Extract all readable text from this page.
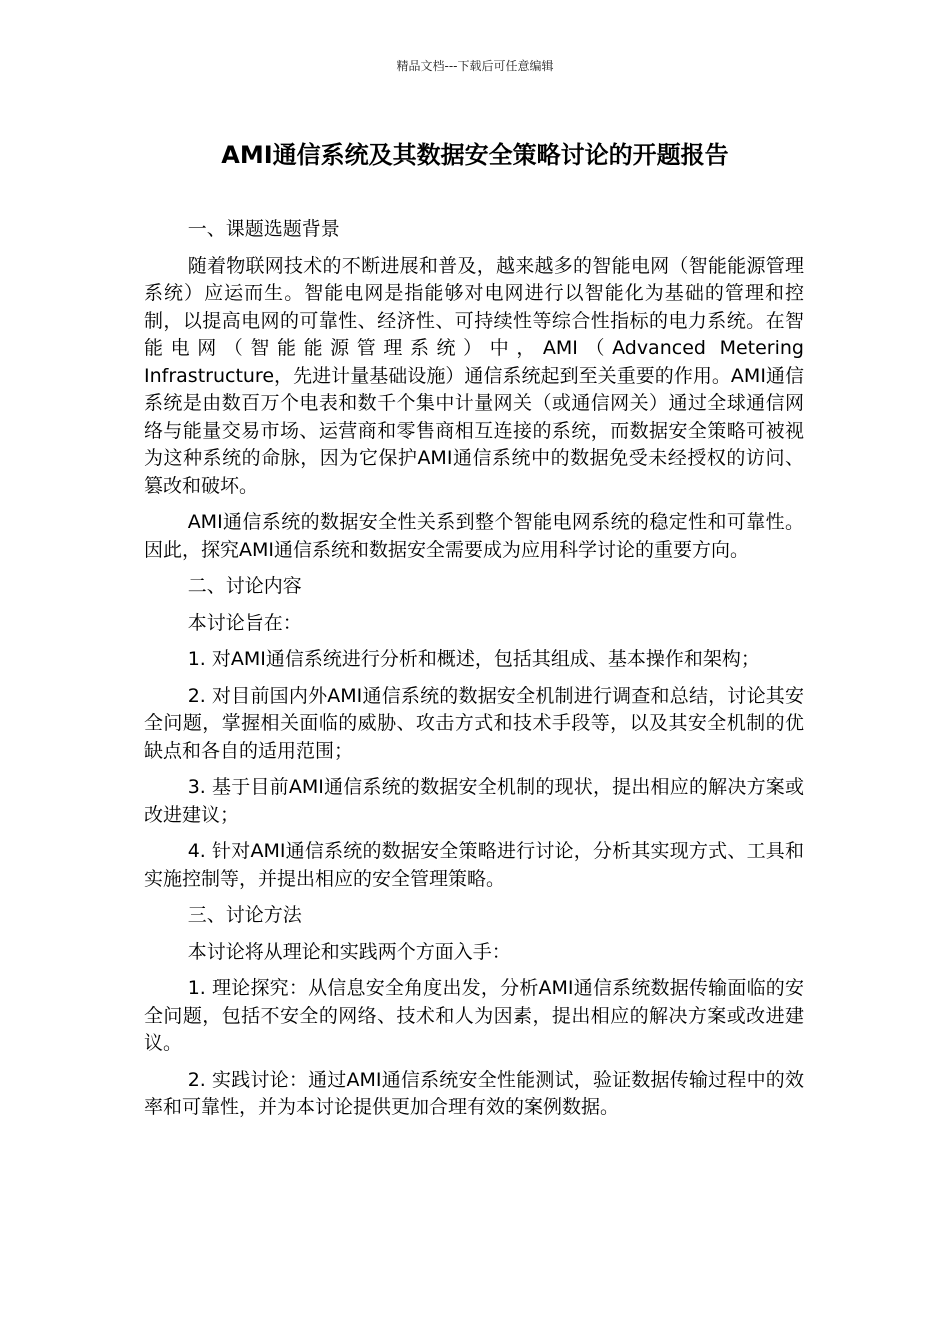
精品文档---下载后可任意编辑
AMI通信系统及其数据安全策略讨论的开题报告

一、课题选题背景

随着物联网技术的不断进展和普及，越来越多的智能电网（智能能源管理系统）应运而生。智能电网是指能够对电网进行以智能化为基础的管理和控制，以提高电网的可靠性、经济性、可持续性等综合性指标的电力系统。在智能电网（智能能源管理系统）中，AMI（Advanced Metering Infrastructure，先进计量基础设施）通信系统起到至关重要的作用。AMI通信系统是由数百万个电表和数千个集中计量网关（或通信网关）通过全球通信网络与能量交易市场、运营商和零售商相互连接的系统，而数据安全策略可被视为这种系统的命脉，因为它保护AMI通信系统中的数据免受未经授权的访问、篡改和破坏。

AMI通信系统的数据安全性关系到整个智能电网系统的稳定性和可靠性。因此，探究AMI通信系统和数据安全需要成为应用科学讨论的重要方向。

二、讨论内容

本讨论旨在：

1. 对AMI通信系统进行分析和概述，包括其组成、基本操作和架构；

2. 对目前国内外AMI通信系统的数据安全机制进行调查和总结，讨论其安全问题，掌握相关面临的威胁、攻击方式和技术手段等，以及其安全机制的优缺点和各自的适用范围；

3. 基于目前AMI通信系统的数据安全机制的现状，提出相应的解决方案或改进建议；

4. 针对AMI通信系统的数据安全策略进行讨论，分析其实现方式、工具和实施控制等，并提出相应的安全管理策略。

三、讨论方法

本讨论将从理论和实践两个方面入手：

1. 理论探究：从信息安全角度出发，分析AMI通信系统数据传输面临的安全问题，包括不安全的网络、技术和人为因素，提出相应的解决方案或改进建议。

2. 实践讨论：通过AMI通信系统安全性能测试，验证数据传输过程中的效率和可靠性，并为本讨论提供更加合理有效的案例数据。
